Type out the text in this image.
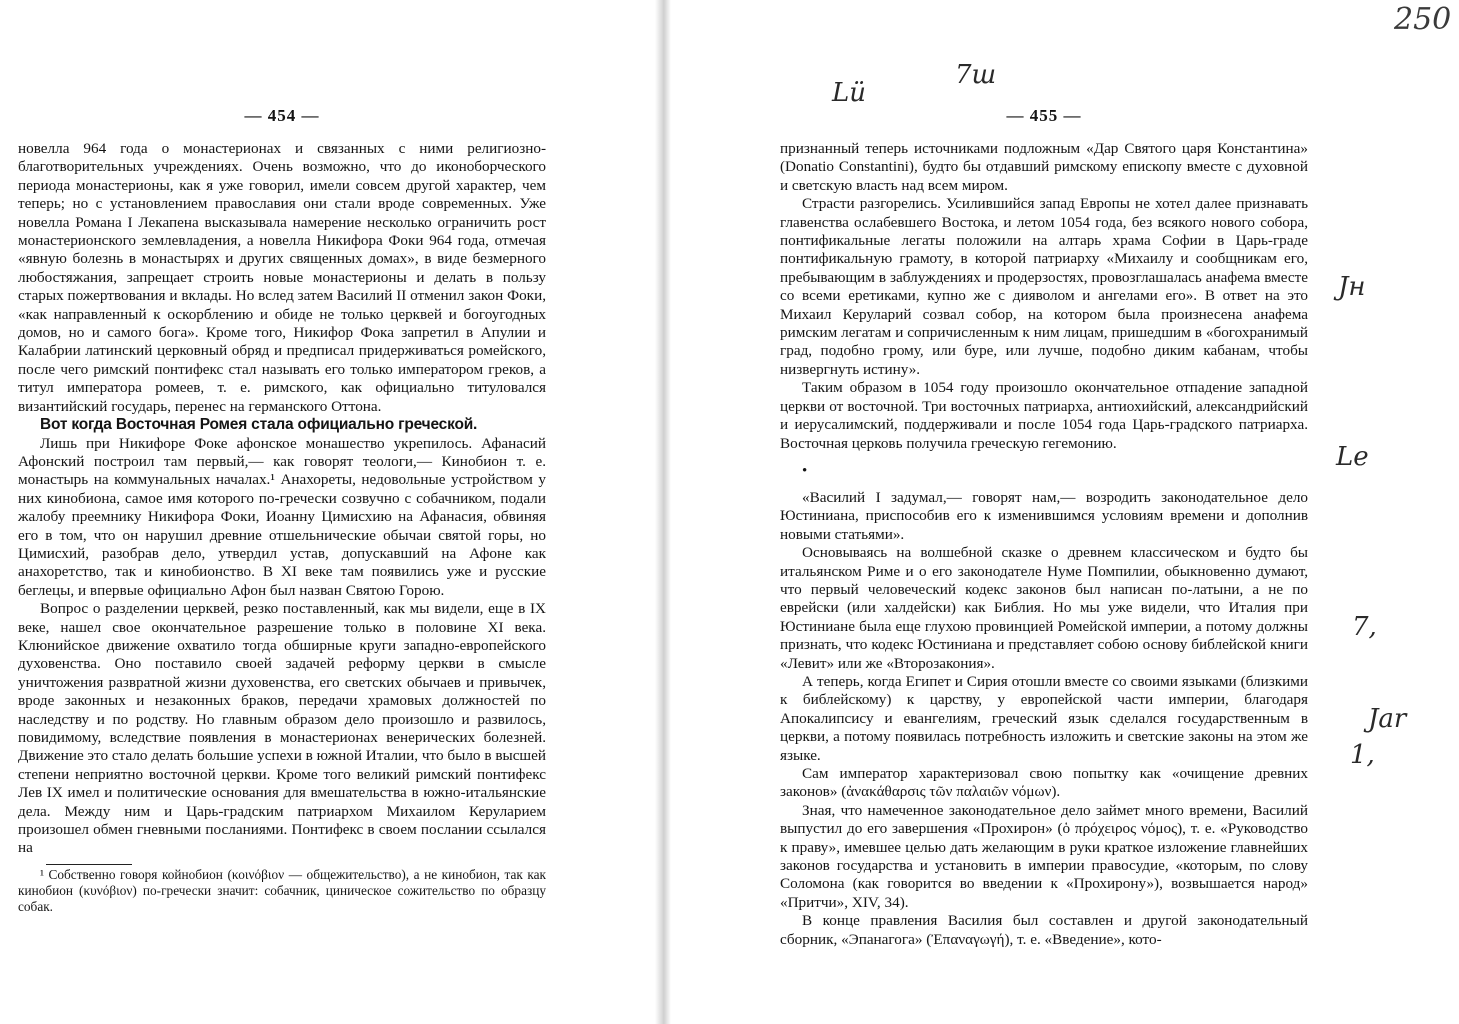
— 454 —

новелла 964 года о монастерионах и связанных с ними религиозно-благотворительных учреждениях. Очень возможно, что до иконоборческого периода монастерионы, как я уже говорил, имели совсем другой характер, чем теперь; но с установлением православия они стали вроде современных. Уже новелла Романа I Лекапена высказывала намерение несколько ограничить рост монастерионского землевладения, а новелла Никифора Фоки 964 года, отмечая «явную болезнь в монастырях и других священных домах», в виде безмерного любостяжания, запрещает строить новые монастерионы и делать в пользу старых пожертвования и вклады. Но вслед затем Василий II отменил закон Фоки, «как направленный к оскорблению и обиде не только церквей и богоугодных домов, но и самого бога». Кроме того, Никифор Фока запретил в Апулии и Калабрии латинский церковный обряд и предписал придерживаться ромейского, после чего римский понтифекс стал называть его только императором греков, а титул императора ромеев, т. е. римского, как официально титуловался византийский государь, перенес на германского Оттона.

Вот когда Восточная Ромея стала официально греческой.

Лишь при Никифоре Фоке афонское монашество укрепилось. Афанасий Афонский построил там первый,— как говорят теологи,— Кинобион т. е. монастырь на коммунальных началах.¹ Анахореты, недовольные устройством у них кинобиона, самое имя которого по-гречески созвучно с собачником, подали жалобу преемнику Никифора Фоки, Иоанну Цимисхию на Афанасия, обвиняя его в том, что он нарушил древние отшельнические обычаи святой горы, но Цимисхий, разобрав дело, утвердил устав, допускавший на Афоне как анахоретство, так и кинобионство. В XI веке там появились уже и русские беглецы, и впервые официально Афон был назван Святою Горою.

Вопрос о разделении церквей, резко поставленный, как мы видели, еще в IX веке, нашел свое окончательное разрешение только в половине XI века. Клюнийское движение охватило тогда обширные круги западно-европейского духовенства. Оно поставило своей задачей реформу церкви в смысле уничтожения развратной жизни духовенства, его светских обычаев и привычек, вроде законных и незаконных браков, передачи храмовых должностей по наследству и по родству. Но главным образом дело произошло и развилось, повидимому, вследствие появления в монастерионах венерических болезней. Движение это стало делать большие успехи в южной Италии, что было в высшей степени неприятно восточной церкви. Кроме того великий римский понтифекс Лев IX имел и политические основания для вмешательства в южно-итальянские дела. Между ним и Царь-градским патриархом Михаилом Керуларием произошел обмен гневными посланиями. Понтифекс в своем послании ссылался на

¹ Собственно говоря койнобион (κοινόβιον — общежительство), а не кинобион, так как кинобион (κυνόβιον) по-гречески значит: собачник, циническое сожительство по образцу собак.

— 455 —

признанный теперь источниками подложным «Дар Святого царя Константина» (Donatio Constantini), будто бы отдавший римскому епископу вместе с духовной и светскую власть над всем миром.

Страсти разгорелись. Усилившийся запад Европы не хотел далее признавать главенства ослабевшего Востока, и летом 1054 года, без всякого нового собора, понтификальные легаты положили на алтарь храма Софии в Царь-граде понтификальную грамоту, в которой патриарху «Михаилу и сообщникам его, пребывающим в заблуждениях и продерзостях, провозглашалась анафема вместе со всеми еретиками, купно же с дияволом и ангелами его». В ответ на это Михаил Керуларий созвал собор, на котором была произнесена анафема римским легатам и сопричисленным к ним лицам, пришедшим в «богохранимый град, подобно грому, или буре, или лучше, подобно диким кабанам, чтобы низвергнуть истину».

Таким образом в 1054 году произошло окончательное отпадение западной церкви от восточной. Три восточных патриарха, антиохийский, александрийский и иерусалимский, поддерживали и после 1054 года Царь-градского патриарха. Восточная церковь получила греческую гегемонию.

•

«Василий I задумал,— говорят нам,— возродить законодательное дело Юстиниана, приспособив его к изменившимся условиям времени и дополнив новыми статьями».

Основываясь на волшебной сказке о древнем классическом и будто бы итальянском Риме и о его законодателе Нуме Помпилии, обыкновенно думают, что первый человеческий кодекс законов был написан по-латыни, а не по еврейски (или халдейски) как Библия. Но мы уже видели, что Италия при Юстиниане была еще глухою провинцией Ромейской империи, а потому должны признать, что кодекс Юстиниана и представляет собою основу библейской книги «Левит» или же «Второзакония».

А теперь, когда Египет и Сирия отошли вместе со своими языками (близкими к библейскому) к царству, у европейской части империи, благодаря Апокалипсису и евангелиям, греческий язык сделался государственным в церкви, а потому появилась потребность изложить и светские законы на этом же языке.

Сам император характеризовал свою попытку как «очищение древних законов» (ἀνακάθαρσις τῶν παλαιῶν νόμων).

Зная, что намеченное законодательное дело займет много времени, Василий выпустил до его завершения «Прохирон» (ὁ πρόχειρος νόμος), т. е. «Руководство к праву», имевшее целью дать желающим в руки краткое изложение главнейших законов государства и установить в империи правосудие, «которым, по слову Соломона (как говорится во введении к «Прохирону»), возвышается народ» «Притчи», XIV, 34).

В конце правления Василия был составлен и другой законодательный сборник, «Эпанагога» (Ἐπαναγωγή), т. е. «Введение», кото-

250
Lü
7ш
Jн
Le
7,
Jar
1,
